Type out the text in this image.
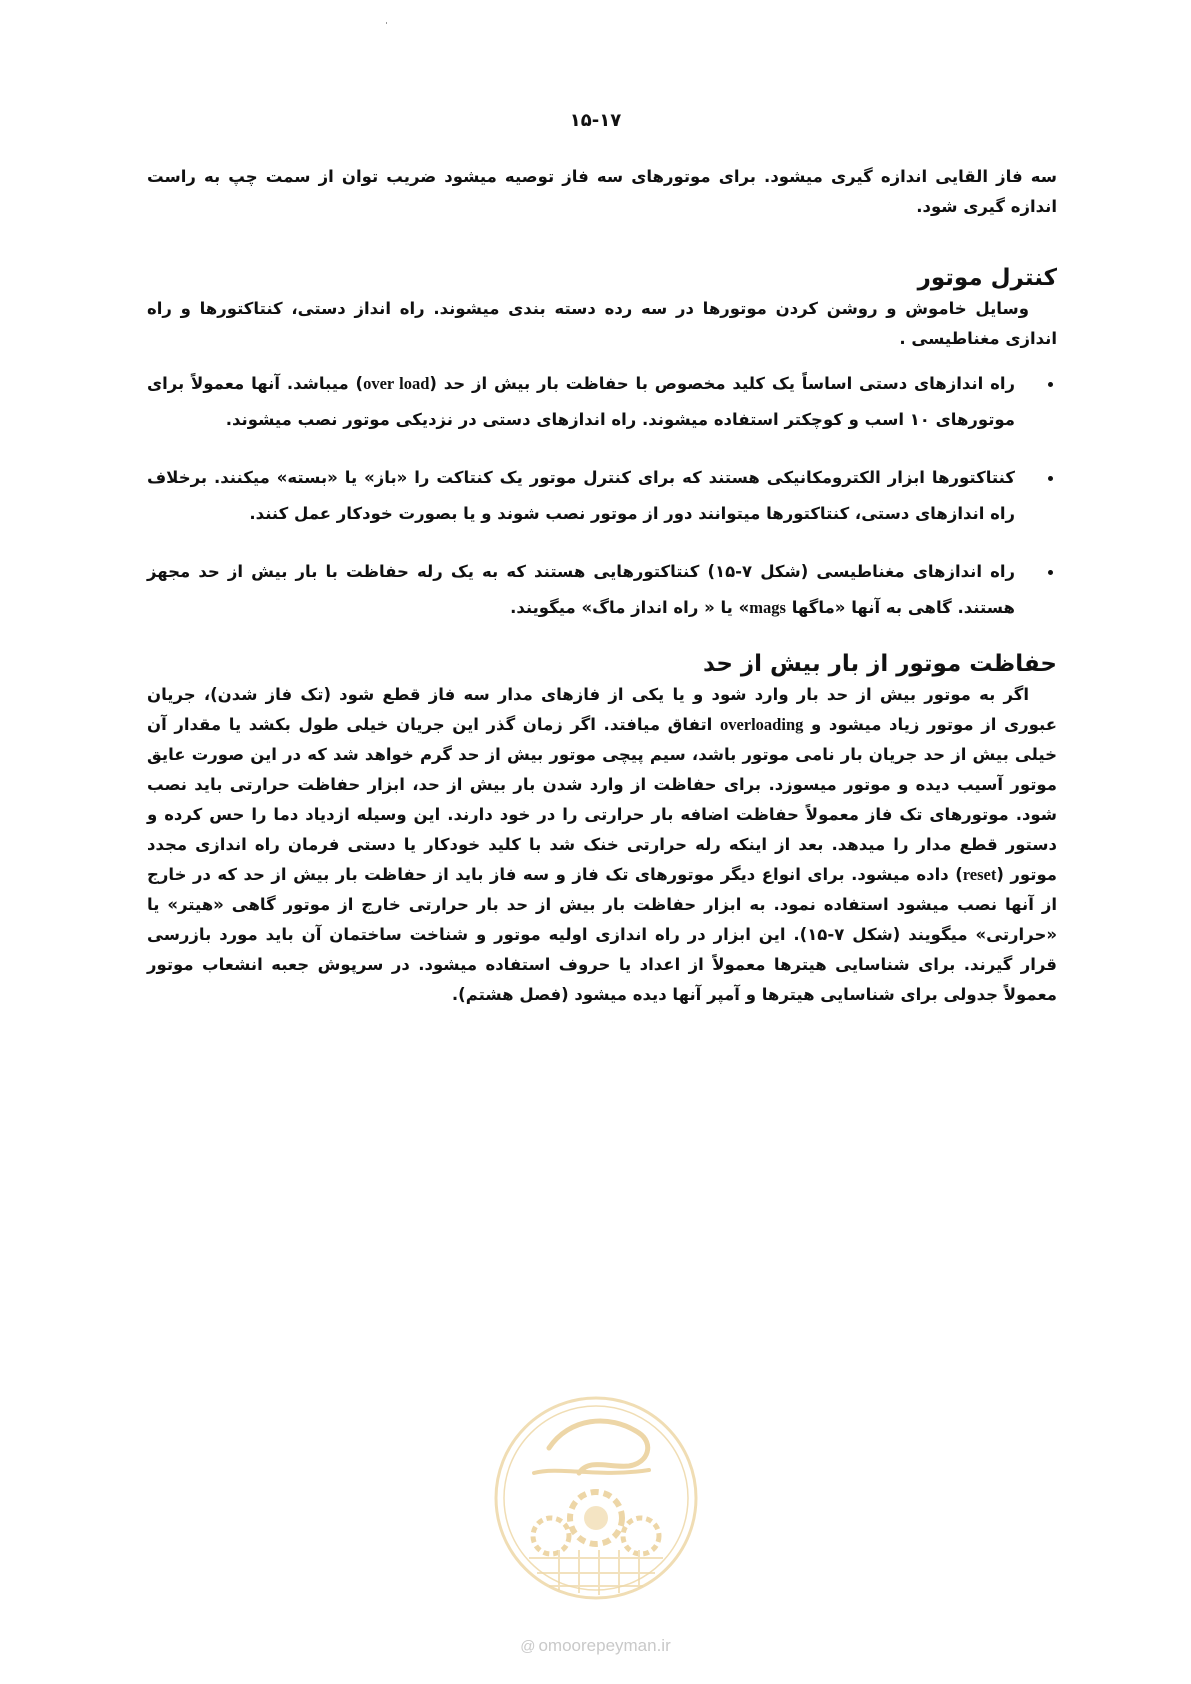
۱۵-۱۷

سه فاز القایی اندازه گیری میشود. برای موتورهای سه فاز توصیه میشود ضریب توان از سمت چپ به راست اندازه گیری شود.

کنترل موتور

وسایل خاموش و روشن کردن موتورها در سه رده دسته بندی میشوند. راه انداز دستی، کنتاکتورها و راه اندازی مغناطیسی .

راه اندازهای دستی اساساً یک کلید مخصوص با حفاظت بار بیش از حد (over load) میباشد. آنها معمولاً برای موتورهای ۱۰ اسب و کوچکتر استفاده میشوند. راه اندازهای دستی در نزدیکی موتور نصب میشوند.
کنتاکتورها ابزار الکترومکانیکی هستند که برای کنترل موتور یک کنتاکت را «باز» یا «بسته» میکنند. برخلاف راه اندازهای دستی، کنتاکتورها میتوانند دور از موتور نصب شوند و یا بصورت خودکار عمل کنند.
راه اندازهای مغناطیسی (شکل ۷-۱۵) کنتاکتورهایی هستند که به یک رله حفاظت با بار بیش از حد مجهز هستند. گاهی به آنها «ماگها mags» یا « راه انداز ماگ» میگویند.
حفاظت موتور از بار بیش از حد

اگر به موتور بیش از حد بار وارد شود و یا یکی از فازهای مدار سه فاز قطع شود (تک فاز شدن)، جریان عبوری از موتور زیاد میشود و overloading اتفاق میافتد. اگر زمان گذر این جریان خیلی طول بکشد یا مقدار آن خیلی بیش از حد جریان بار نامی موتور باشد، سیم پیچی موتور بیش از حد گرم خواهد شد که در این صورت عایق موتور آسیب دیده و موتور میسوزد. برای حفاظت از وارد شدن بار بیش از حد، ابزار حفاظت حرارتی باید نصب شود. موتورهای تک فاز معمولاً حفاظت اضافه بار حرارتی را در خود دارند. این وسیله ازدیاد دما را حس کرده و دستور قطع مدار را میدهد. بعد از اینکه رله حرارتی خنک شد با کلید خودکار یا دستی فرمان راه اندازی مجدد موتور (reset) داده میشود. برای انواع دیگر موتورهای تک فاز و سه فاز باید از حفاظت بار بیش از حد که در خارج از آنها نصب میشود استفاده نمود. به ابزار حفاظت بار بیش از حد بار حرارتی خارج از موتور گاهی «هیتر» یا «حرارتی» میگویند (شکل ۷-۱۵). این ابزار در راه اندازی اولیه موتور و شناخت ساختمان آن باید مورد بازرسی قرار گیرند. برای شناسایی هیترها معمولاً از اعداد یا حروف استفاده میشود. در سرپوش جعبه انشعاب موتور معمولاً جدولی برای شناسایی هیترها و آمپر آنها دیده میشود (فصل هشتم).

@ omoorepeyman.ir
